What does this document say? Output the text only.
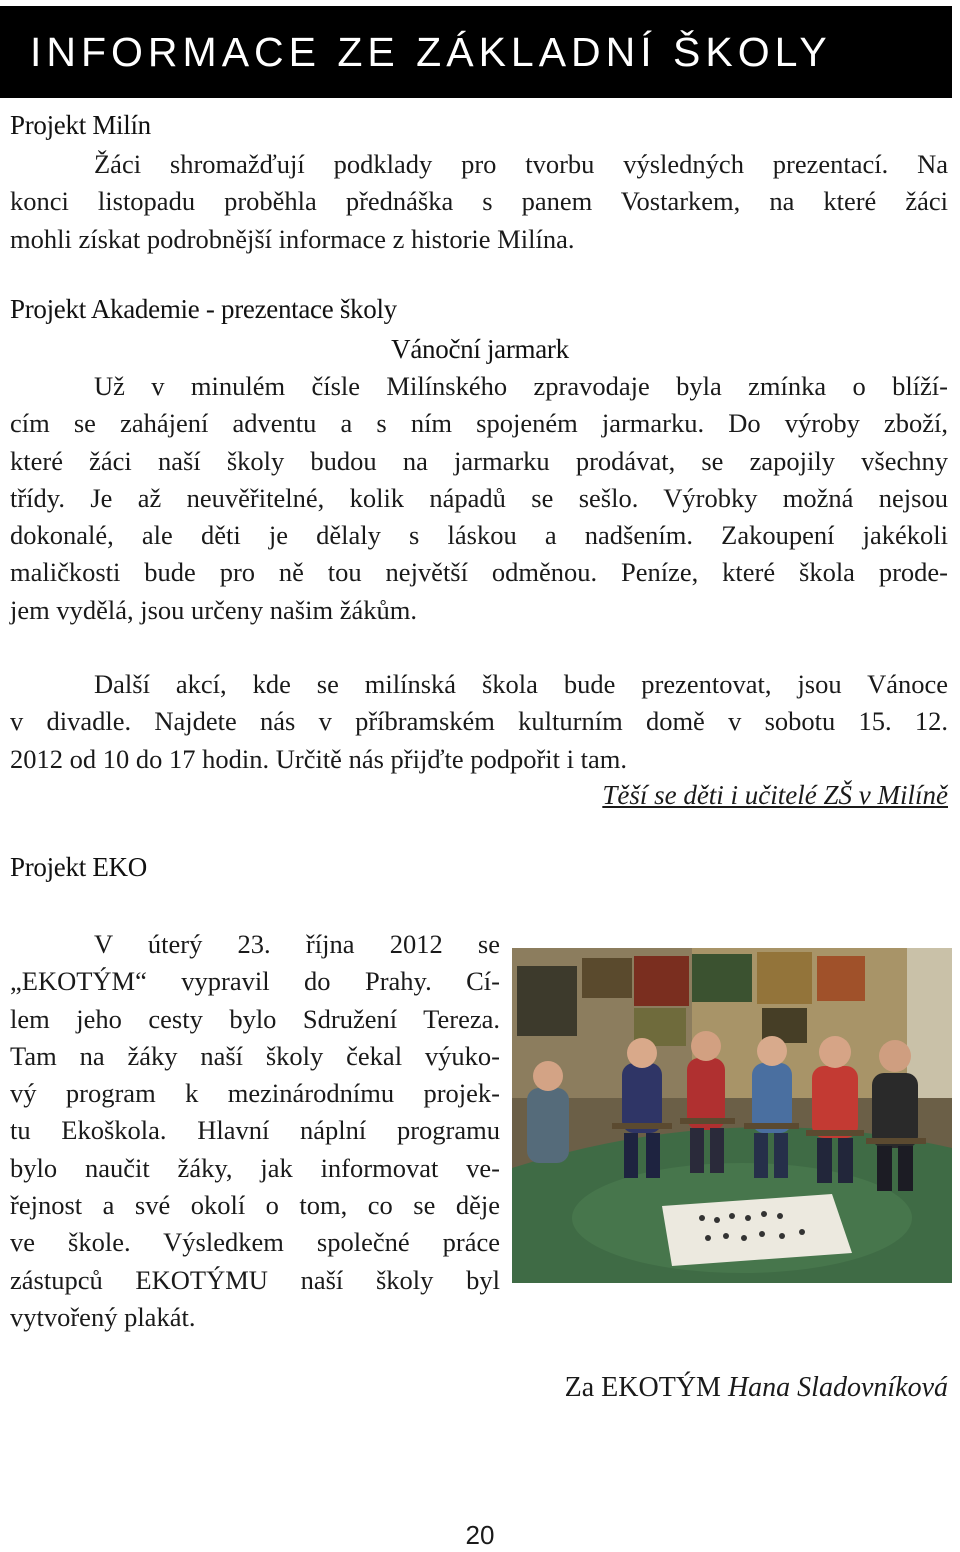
INFORMACE ZE ZÁKLADNÍ ŠKOLY
Projekt Milín
Žáci shromažďují podklady pro tvorbu výsledných prezentací. Na
konci listopadu proběhla přednáška s panem Vostarkem, na které žáci
mohli získat podrobnější informace z historie Milína.
Projekt Akademie - prezentace školy
Vánoční jarmark
Už v minulém čísle Milínského zpravodaje byla zmínka o blíží-
cím se zahájení adventu a s ním spojeném jarmarku. Do výroby zboží,
které žáci naší školy budou na jarmarku prodávat, se zapojily všechny
třídy. Je až neuvěřitelné, kolik nápadů se sešlo. Výrobky možná nejsou
dokonalé, ale děti je dělaly s láskou a nadšením. Zakoupení jakékoli
maličkosti bude pro ně tou největší odměnou. Peníze, které škola prode-
jem vydělá, jsou určeny našim žákům.
Další akcí, kde se milínská škola bude prezentovat, jsou Vánoce
v divadle. Najdete nás v příbramském kulturním domě v sobotu 15. 12.
2012 od 10 do 17 hodin. Určitě nás přijďte podpořit i tam.
Těší se děti i učitelé ZŠ v Milíně
Projekt EKO
V úterý 23. října 2012 se
„EKOTÝM“ vypravil do Prahy. Cí-
lem jeho cesty bylo Sdružení Tereza.
Tam na žáky naší školy čekal výuko-
vý program k mezinárodnímu projek-
tu Ekoškola. Hlavní náplní programu
bylo naučit žáky, jak informovat ve-
řejnost a své okolí o tom, co se děje
ve škole. Výsledkem společné práce
zástupců EKOTÝMU naší školy byl
vytvořený plakát.
Za EKOTÝM Hana Sladovníková
20
